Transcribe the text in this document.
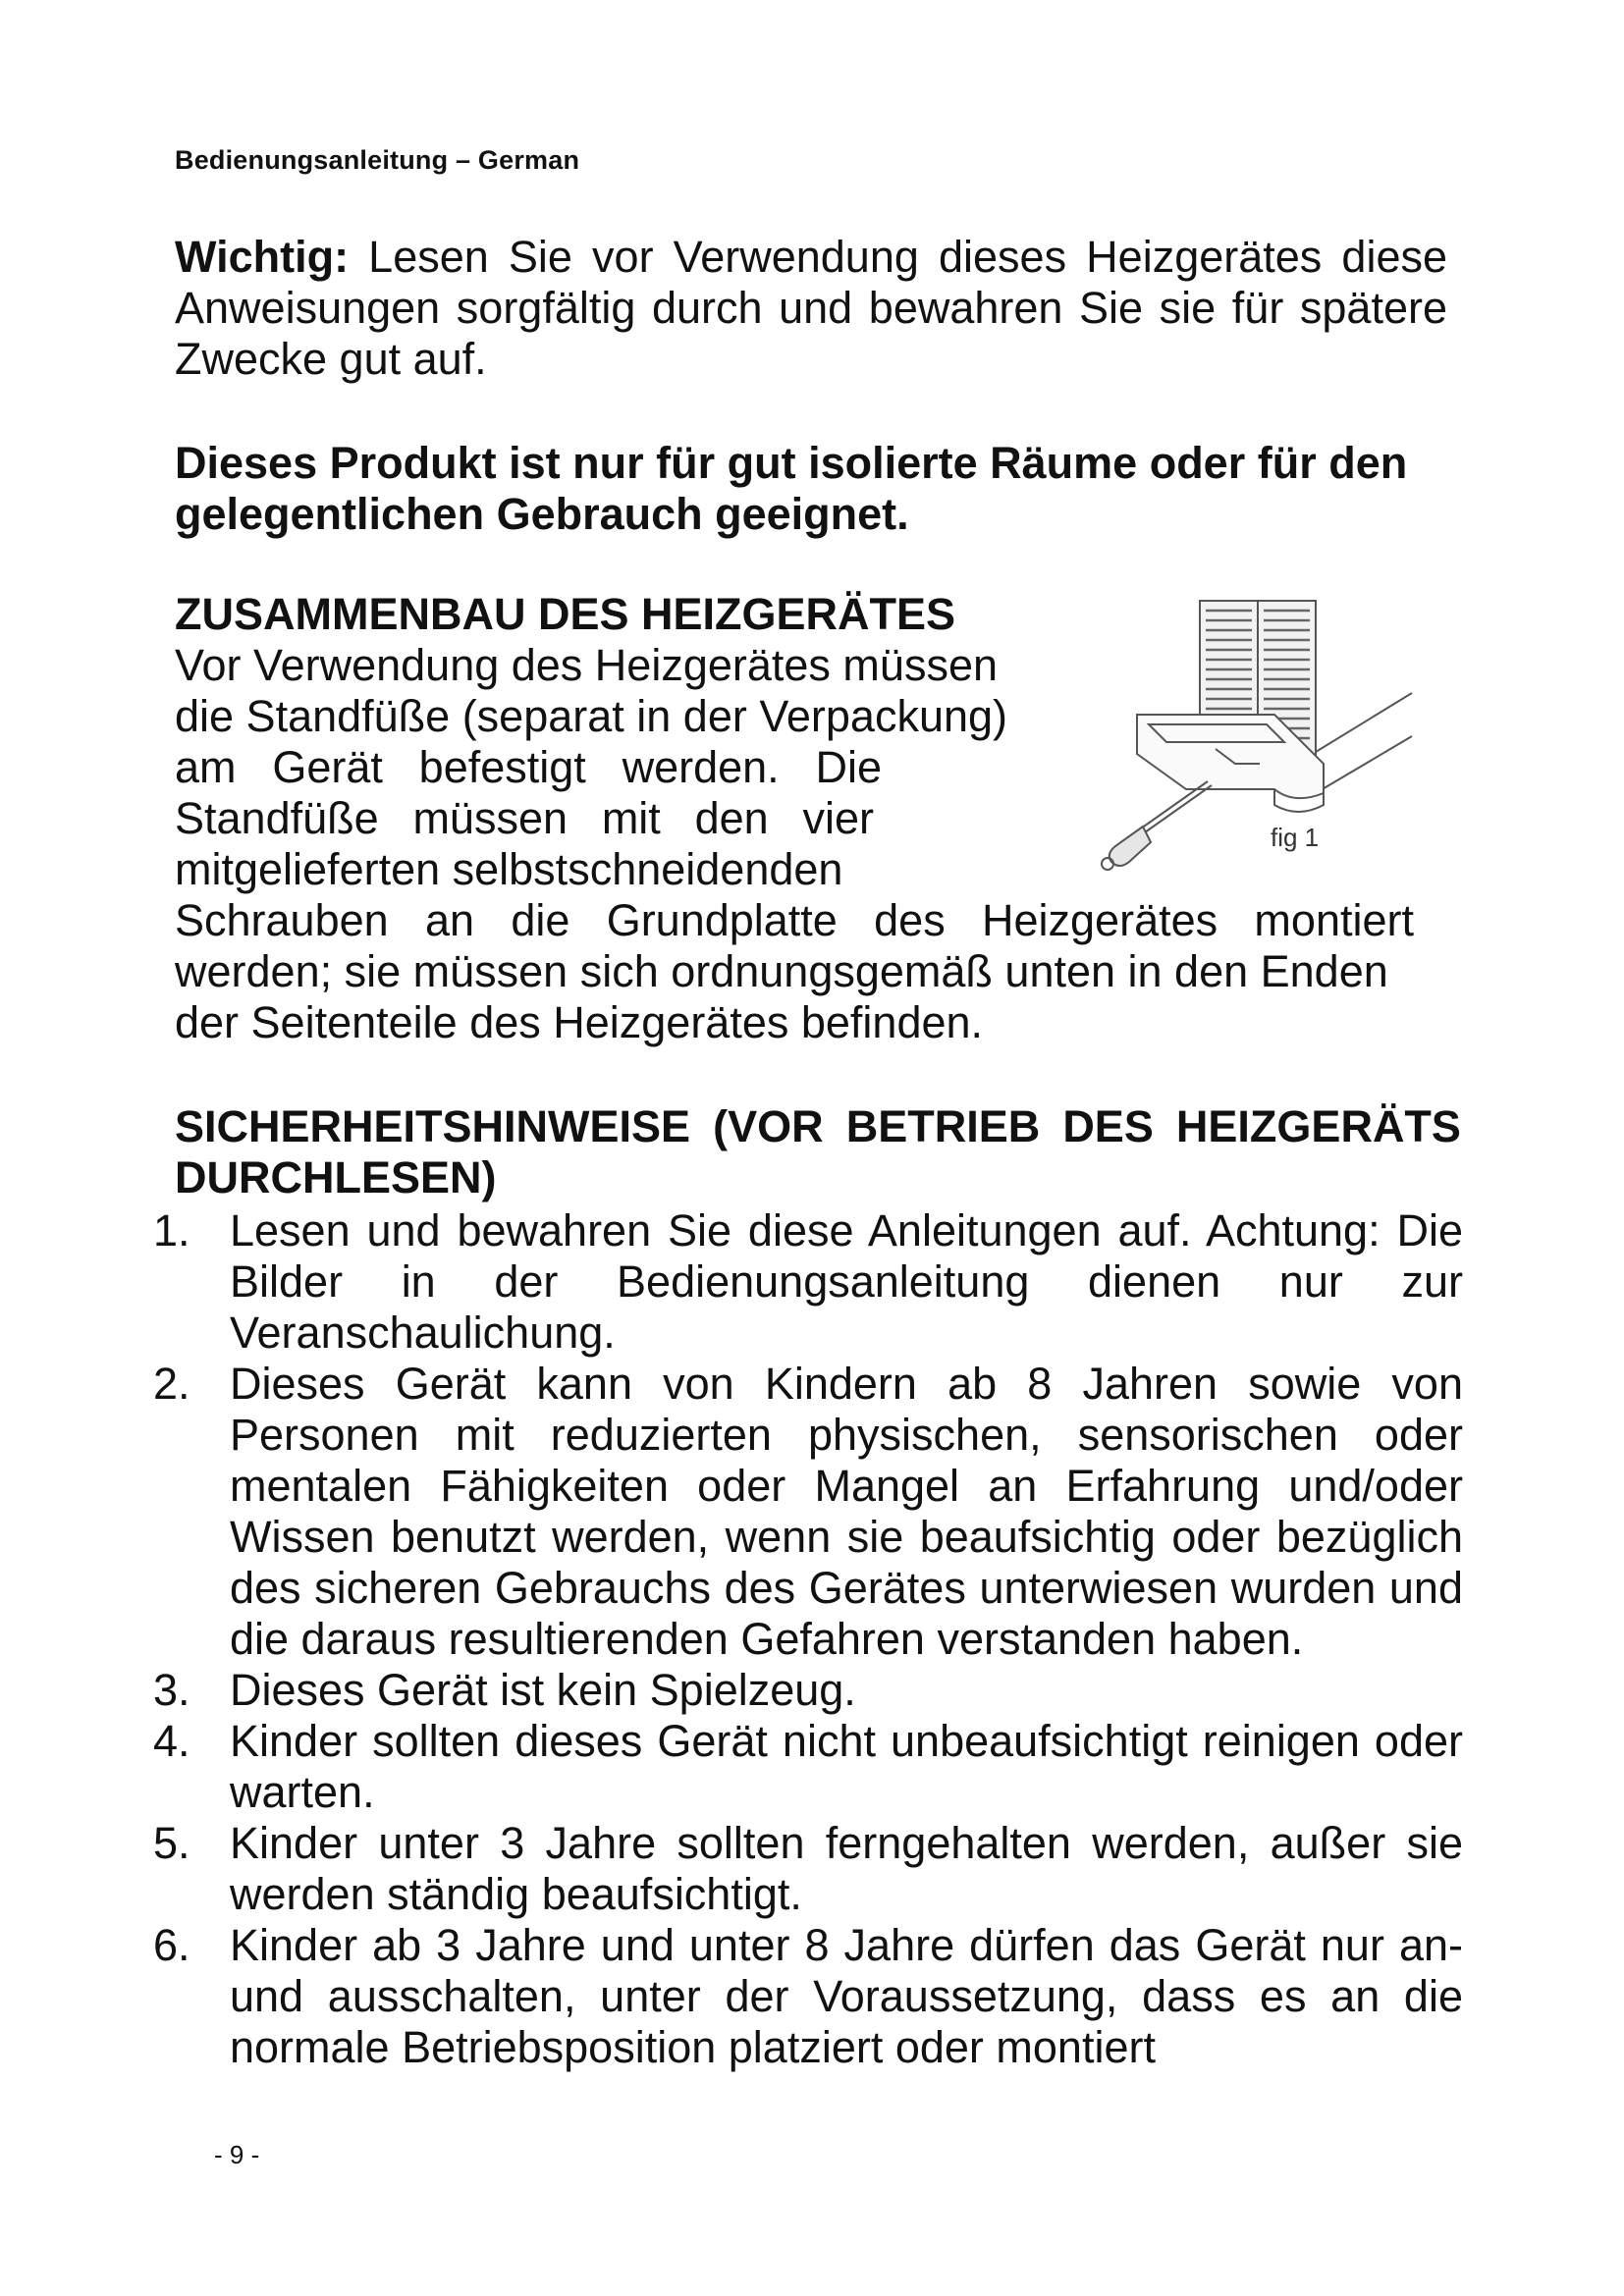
Bedienungsanleitung – German
Wichtig: Lesen Sie vor Verwendung dieses Heizgerätes diese Anweisungen sorgfältig durch und bewahren Sie sie für spätere Zwecke gut auf.
Dieses Produkt ist nur für gut isolierte Räume oder für den gelegentlichen Gebrauch geeignet.
ZUSAMMENBAU DES HEIZGERÄTES
Vor Verwendung des Heizgerätes müssen
die Standfüße (separat in der Verpackung)
am Gerät befestigt werden. Die
Standfüße müssen mit den vier
mitgelieferten selbstschneidenden
Schrauben an die Grundplatte des Heizgerätes montiert
werden; sie müssen sich ordnungsgemäß unten in den Enden
der Seitenteile des Heizgerätes befinden.
fig 1
SICHERHEITSHINWEISE (VOR BETRIEB DES HEIZGERÄTS
DURCHLESEN)
1. Lesen und bewahren Sie diese Anleitungen auf. Achtung: Die Bilder in der Bedienungsanleitung dienen nur zur Veranschaulichung.
2. Dieses Gerät kann von Kindern ab 8 Jahren sowie von Personen mit reduzierten physischen, sensorischen oder mentalen Fähigkeiten oder Mangel an Erfahrung und/oder Wissen benutzt werden, wenn sie beaufsichtig oder bezüglich des sicheren Gebrauchs des Gerätes unterwiesen wurden und die daraus resultierenden Gefahren verstanden haben.
3. Dieses Gerät ist kein Spielzeug.
4. Kinder sollten dieses Gerät nicht unbeaufsichtigt reinigen oder warten.
5. Kinder unter 3 Jahre sollten ferngehalten werden, außer sie werden ständig beaufsichtigt.
6. Kinder ab 3 Jahre und unter 8 Jahre dürfen das Gerät nur an- und ausschalten, unter der Voraussetzung, dass es an die normale Betriebsposition platziert oder montiert
- 9 -
